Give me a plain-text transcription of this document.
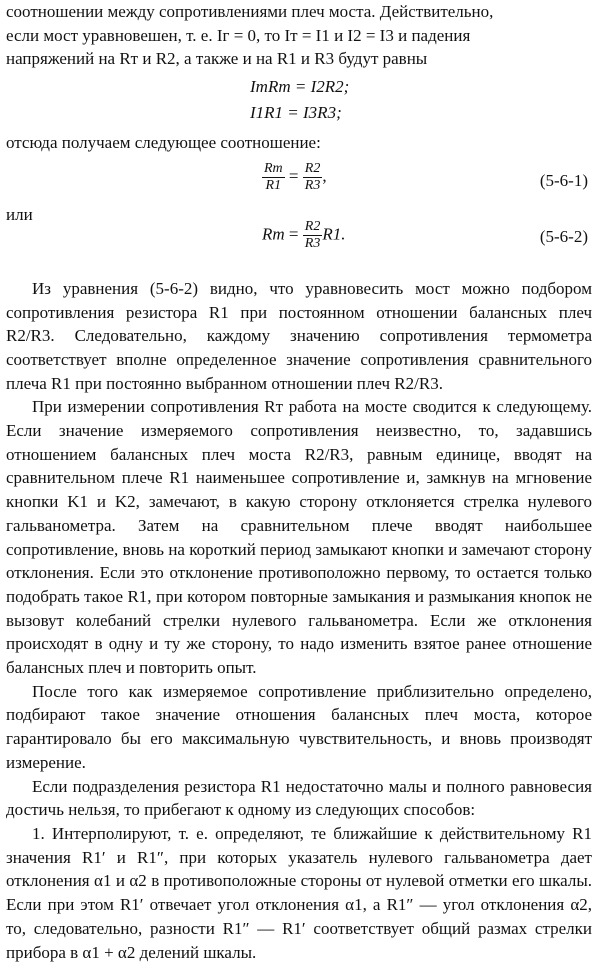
соотношении между сопротивлениями плеч моста. Действительно,
если мост уравновешен, т. е. Iг = 0, то Iт = I1 и I2 = I3 и падения
напряжений на Rт и R2, а также и на R1 и R3 будут равны

IтRт = I2R2;
I1R1 = I3R3;

отсюда получаем следующее соотношение:

$\frac{Rт}{R1} = \frac{R2}{R3}$ ,	(5-6-1)
или
Rт = $\frac{R2}{R3} R1$.	(5-6-2)

Из уравнения (5-6-2) видно, что уравновесить мост можно подбором сопротивления резистора R1 при постоянном отношении балансных плеч R2/R3. Следовательно, каждому значению сопротивления термометра соответствует вполне определенное значение сопротивления сравнительного плеча R1 при постоянно выбранном отношении плеч R2/R3.

При измерении сопротивления Rт работа на мосте сводится к следующему. Если значение измеряемого сопротивления неизвестно, то, задавшись отношением балансных плеч моста R2/R3, равным единице, вводят на сравнительном плече R1 наименьшее сопротивление и, замкнув на мгновение кнопки K1 и K2, замечают, в какую сторону отклоняется стрелка нулевого гальванометра. Затем на сравнительном плече вводят наибольшее сопротивление, вновь на короткий период замыкают кнопки и замечают сторону отклонения. Если это отклонение противоположно первому, то остается только подобрать такое R1, при котором повторные замыкания и размыкания кнопок не вызовут колебаний стрелки нулевого гальванометра. Если же отклонения происходят в одну и ту же сторону, то надо изменить взятое ранее отношение балансных плеч и повторить опыт.

После того как измеряемое сопротивление приблизительно определено, подбирают такое значение отношения балансных плеч моста, которое гарантировало бы его максимальную чувствительность, и вновь производят измерение.

Если подразделения резистора R1 недостаточно малы и полного равновесия достичь нельзя, то прибегают к одному из следующих способов:

1. Интерполируют, т. е. определяют, те ближайшие к действительному R1 значения R1′ и R1″, при которых указатель нулевого гальванометра дает отклонения α1 и α2 в противоположные стороны от нулевой отметки его шкалы. Если при этом R1′ отвечает угол отклонения α1, а R1″ — угол отклонения α2, то, следовательно, разности R1″ — R1′ соответствует общий размах стрелки прибора в α1 + α2 делений шкалы.
